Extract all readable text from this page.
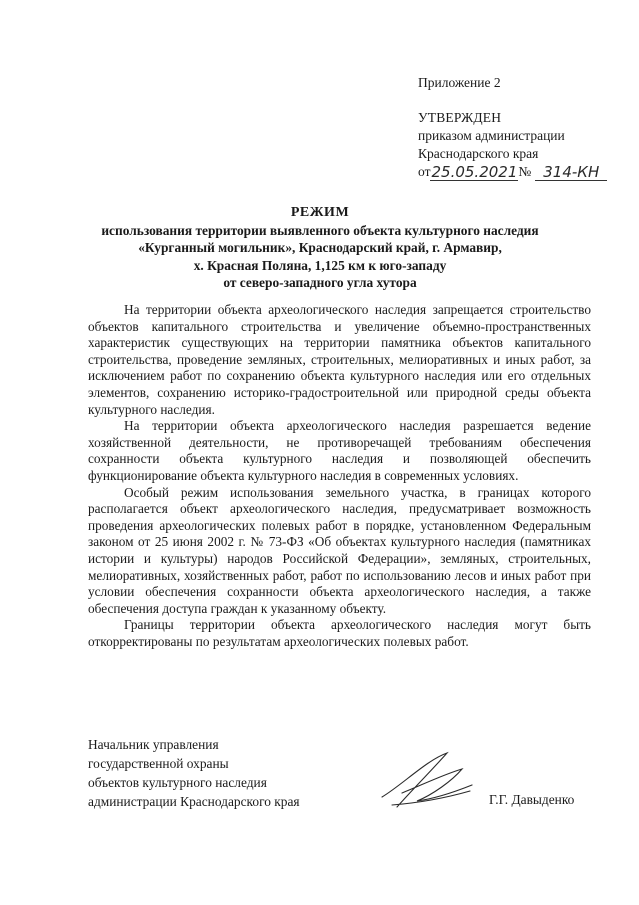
Приложение 2
УТВЕРЖДЕН
приказом администрации
Краснодарского края
от 25.05.2021 № 314-КН
РЕЖИМ
использования территории выявленного объекта культурного наследия
«Курганный могильник», Краснодарский край, г. Армавир,
х. Красная Поляна, 1,125 км к юго-западу
от северо-западного угла хутора

На территории объекта археологического наследия запрещается строительство объектов капитального строительства и увеличение объемно-пространственных характеристик существующих на территории памятника объектов капитального строительства, проведение земляных, строительных, мелиоративных и иных работ, за исключением работ по сохранению объекта культурного наследия или его отдельных элементов, сохранению историко-градостроительной или природной среды объекта культурного наследия.

На территории объекта археологического наследия разрешается ведение хозяйственной деятельности, не противоречащей требованиям обеспечения сохранности объекта культурного наследия и позволяющей обеспечить функционирование объекта культурного наследия в современных условиях.

Особый режим использования земельного участка, в границах которого располагается объект археологического наследия, предусматривает возможность проведения археологических полевых работ в порядке, установленном Федеральным законом от 25 июня 2002 г. № 73-ФЗ «Об объектах культурного наследия (памятниках истории и культуры) народов Российской Федерации», земляных, строительных, мелиоративных, хозяйственных работ, работ по использованию лесов и иных работ при условии обеспечения сохранности объекта археологического наследия, а также обеспечения доступа граждан к указанному объекту.

Границы территории объекта археологического наследия могут быть откорректированы по результатам археологических полевых работ.

Начальник управления
государственной охраны
объектов культурного наследия
администрации Краснодарского края	Г.Г. Давыденко
